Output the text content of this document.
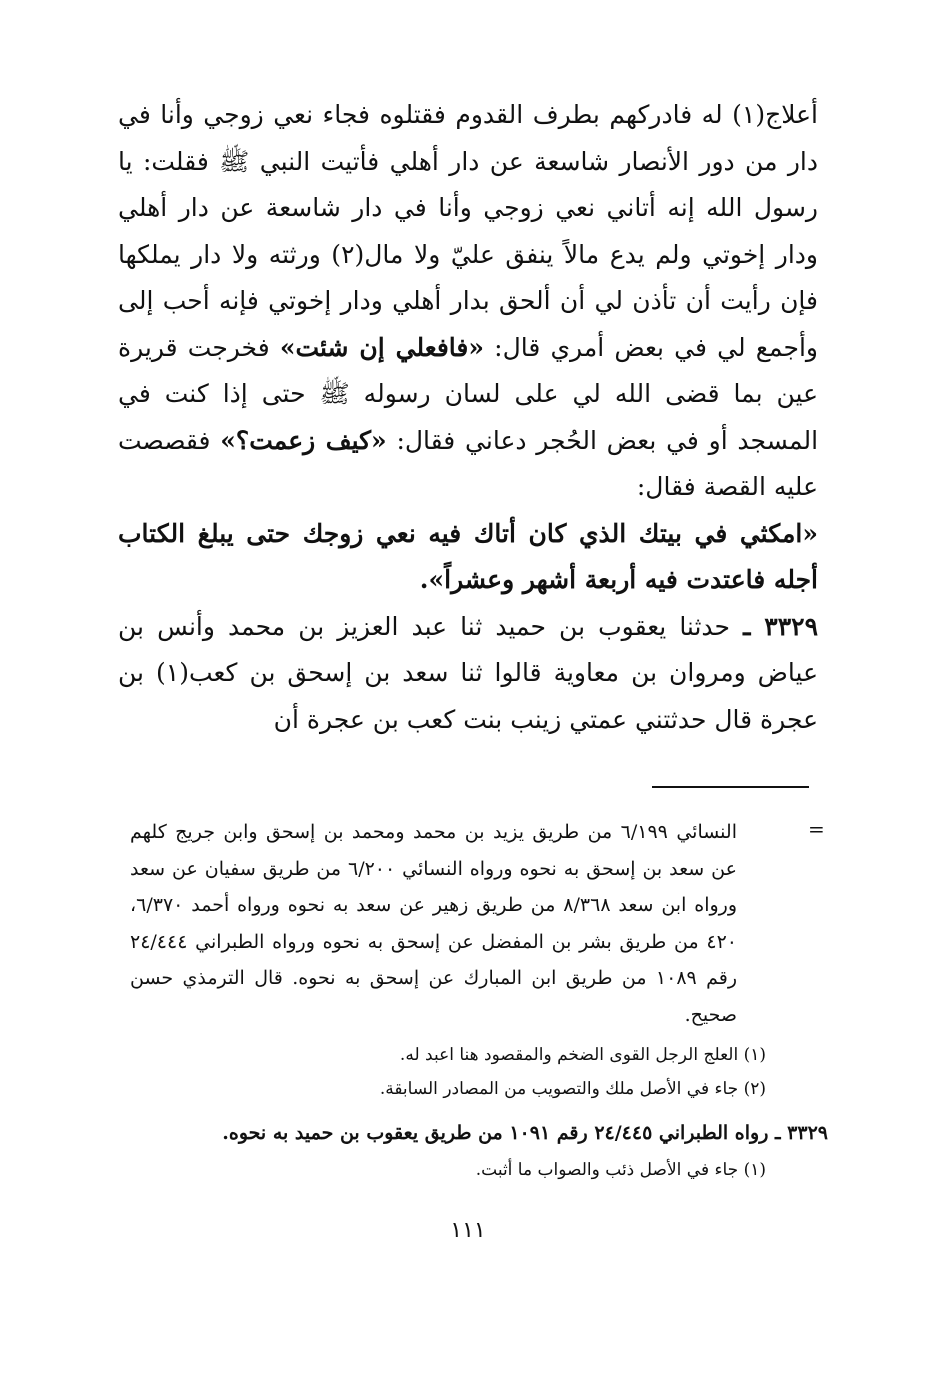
أعلاج(١) له فادركهم بطرف القدوم فقتلوه فجاء نعي زوجي وأنا في دار من دور الأنصار شاسعة عن دار أهلي فأتيت النبي ﷺ فقلت: يا رسول الله إنه أتاني نعي زوجي وأنا في دار شاسعة عن دار أهلي ودار إخوتي ولم يدع مالاً ينفق عليّ ولا مال(٢) ورثته ولا دار يملكها فإن رأيت أن تأذن لي أن ألحق بدار أهلي ودار إخوتي فإنه أحب إلى وأجمع لي في بعض أمري قال: «فافعلي إن شئت» فخرجت قريرة عين بما قضى الله لي على لسان رسوله ﷺ حتى إذا كنت في المسجد أو في بعض الحُجر دعاني فقال: «كيف زعمت؟» فقصصت عليه القصة فقال:

«امكثي في بيتك الذي كان أتاك فيه نعي زوجك حتى يبلغ الكتاب أجله فاعتدت فيه أربعة أشهر وعشراً».

٣٣٢٩ ـ حدثنا يعقوب بن حميد ثنا عبد العزيز بن محمد وأنس بن عياض ومروان بن معاوية قالوا ثنا سعد بن إسحق بن كعب(١) بن عجرة قال حدثتني عمتي زينب بنت كعب بن عجرة أن

=

النسائي ٦/١٩٩ من طريق يزيد بن محمد ومحمد بن إسحق وابن جريج كلهم عن سعد بن إسحق به نحوه ورواه النسائي ٦/٢٠٠ من طريق سفيان عن سعد ورواه ابن سعد ٨/٣٦٨ من طريق زهير عن سعد به نحوه ورواه أحمد ٦/٣٧٠، ٤٢٠ من طريق بشر بن المفضل عن إسحق به نحوه ورواه الطبراني ٢٤/٤٤٤ رقم ١٠٨٩ من طريق ابن المبارك عن إسحق به نحوه. قال الترمذي حسن صحيح.

(١) العلج الرجل القوى الضخم والمقصود هنا اعبد له.
(٢) جاء في الأصل ملك والتصويب من المصادر السابقة.
٣٣٢٩ ـ رواه الطبراني ٢٤/٤٤٥ رقم ١٠٩١ من طريق يعقوب بن حميد به نحوه.
(١) جاء في الأصل ذئب والصواب ما أثبت.
١١١
